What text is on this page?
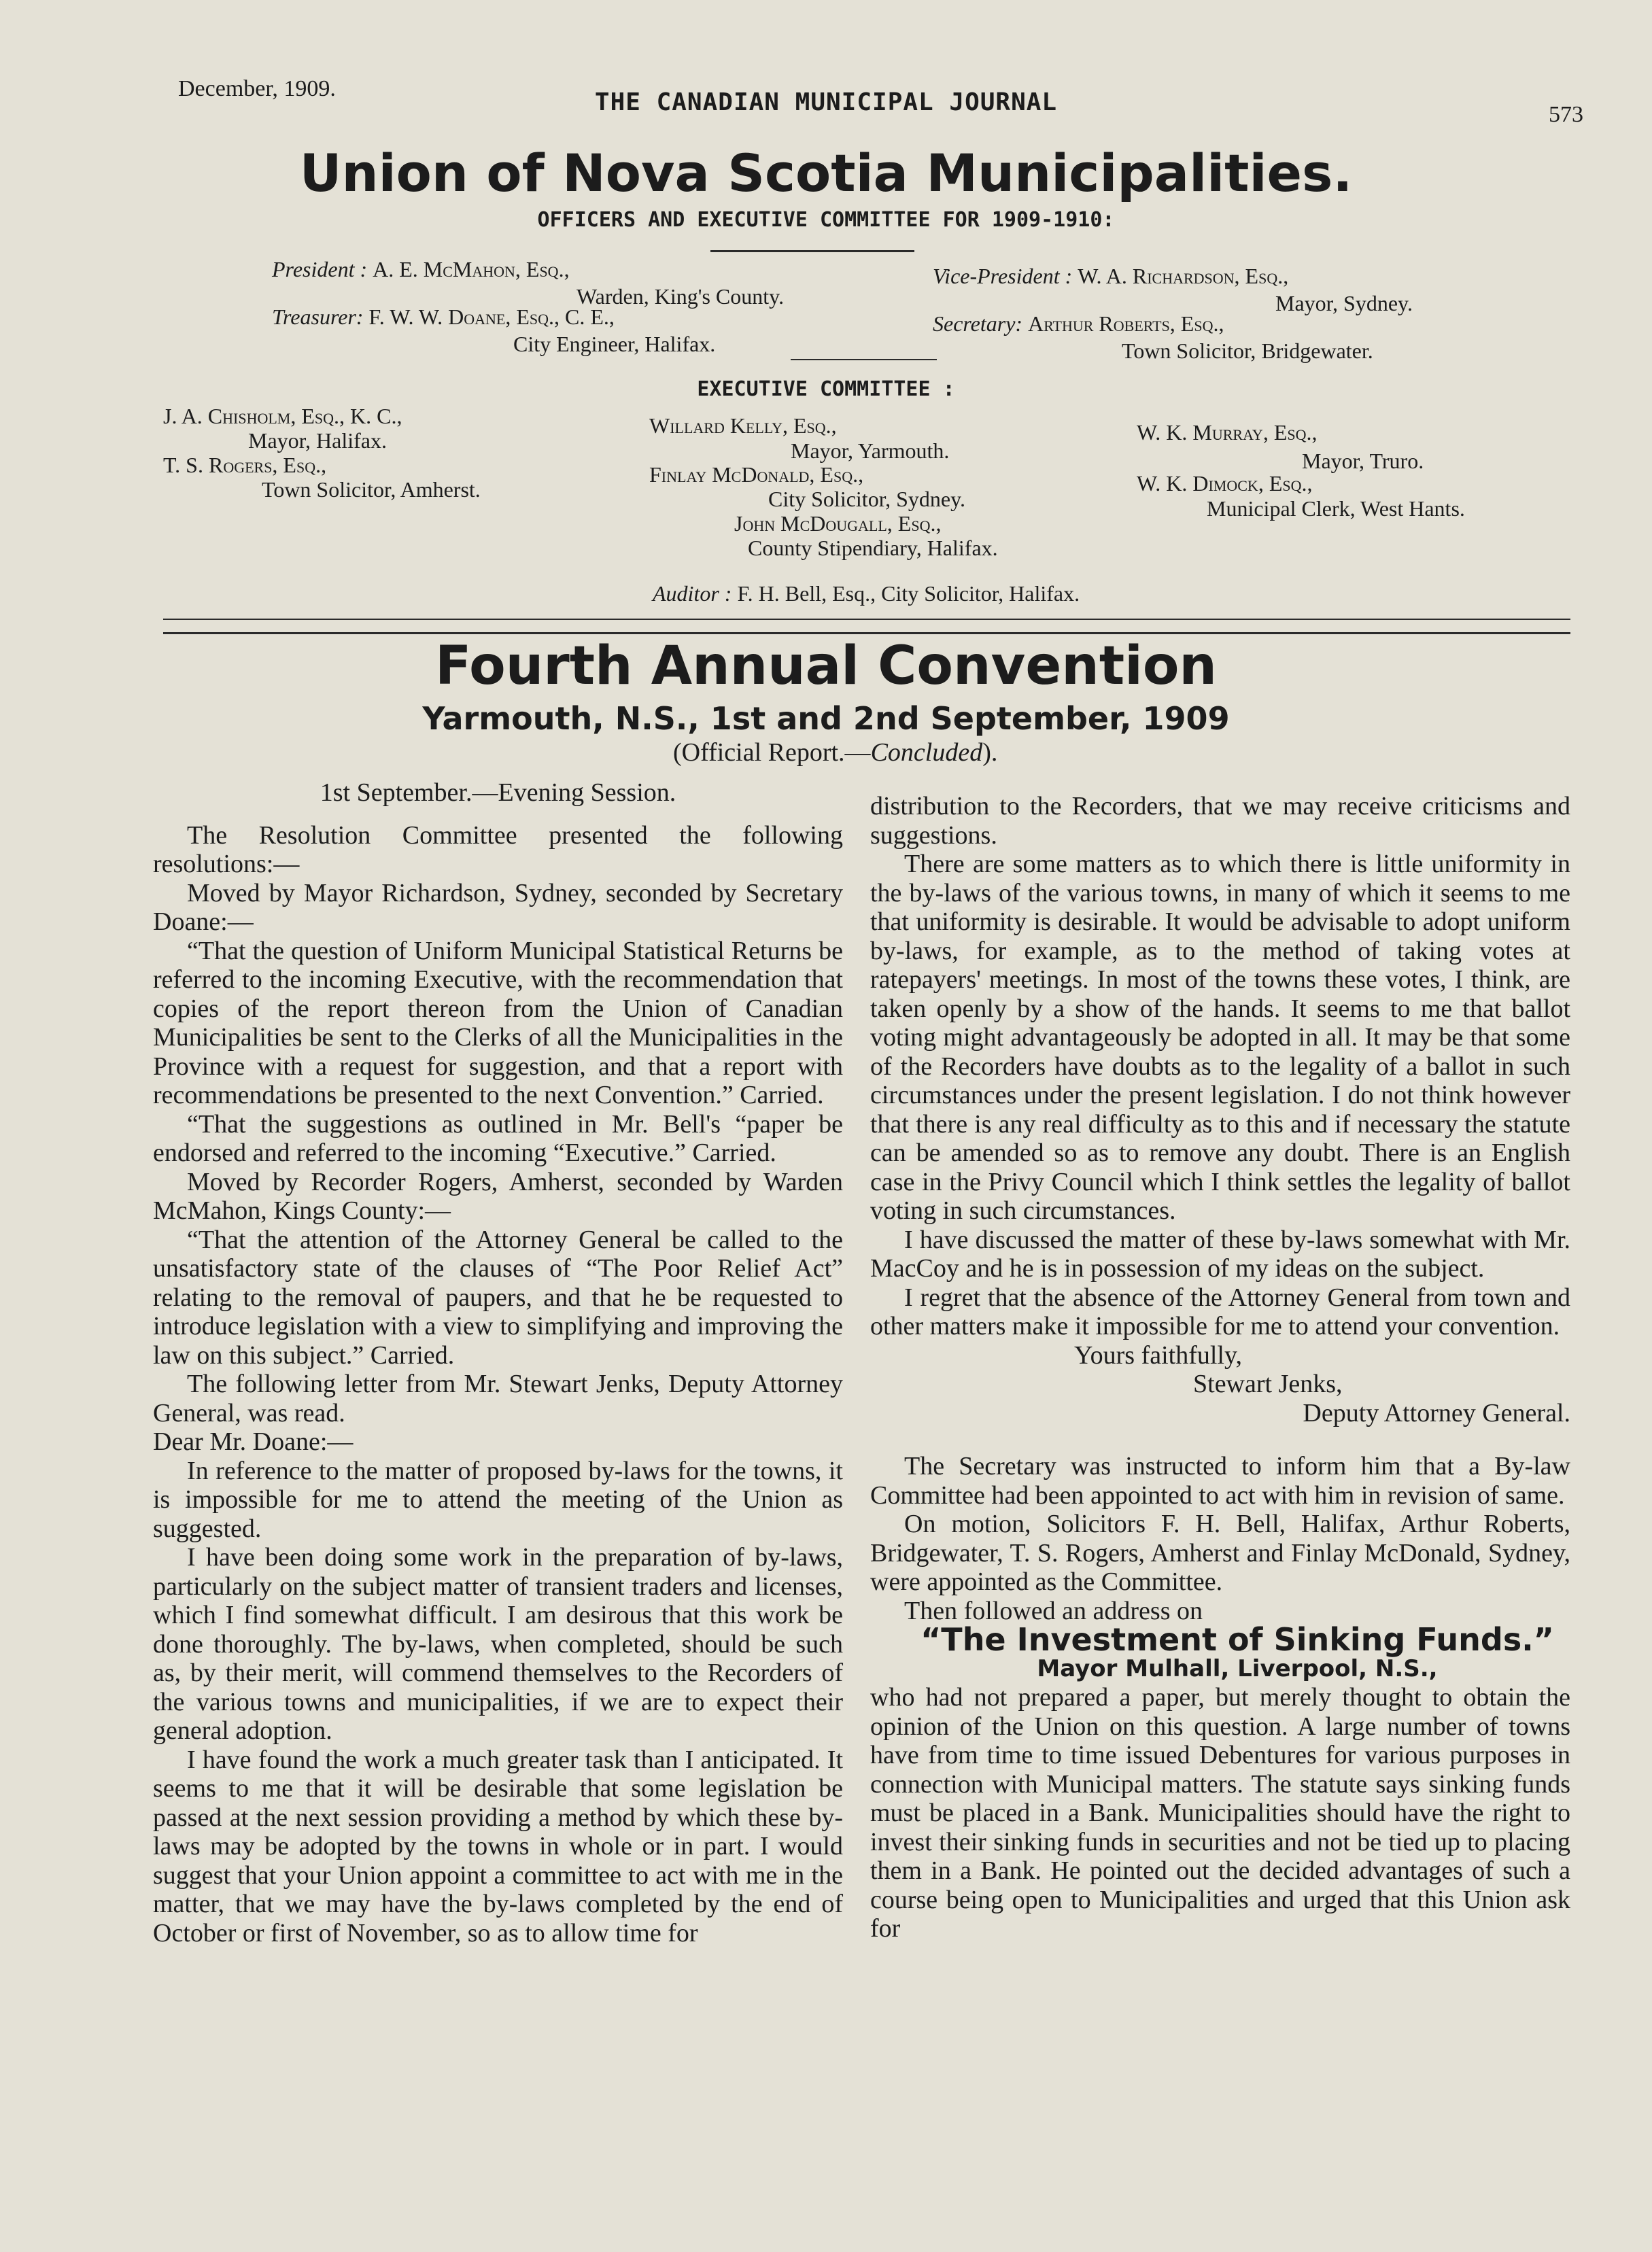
December, 1909.	THE CANADIAN MUNICIPAL JOURNAL	573
Union of Nova Scotia Municipalities.
OFFICERS AND EXECUTIVE COMMITTEE FOR 1909-1910:
President : A. E. McMahon, Esq.,
Warden, King's County.
Treasurer: F. W. W. Doane, Esq., C. E.,
City Engineer, Halifax.
Vice-President : W. A. Richardson, Esq.,
Mayor, Sydney.
Secretary: Arthur Roberts, Esq.,
Town Solicitor, Bridgewater.
EXECUTIVE COMMITTEE :
J. A. Chisholm, Esq., K. C.,
Mayor, Halifax.
T. S. Rogers, Esq.,
Town Solicitor, Amherst.
Willard Kelly, Esq.,
Mayor, Yarmouth.
Finlay McDonald, Esq.,
City Solicitor, Sydney.
John McDougall, Esq.,
County Stipendiary, Halifax.
W. K. Murray, Esq.,
Mayor, Truro.
W. K. Dimock, Esq.,
Municipal Clerk, West Hants.
Auditor : F. H. Bell, Esq., City Solicitor, Halifax.
Fourth Annual Convention
Yarmouth, N.S., 1st and 2nd September, 1909
(Official Report.—Concluded).

1st September.—Evening Session.

The Resolution Committee presented the following resolutions:—

Moved by Mayor Richardson, Sydney, seconded by Secretary Doane:—

“That the question of Uniform Municipal Statistical Returns be referred to the incoming Executive, with the recommendation that copies of the report thereon from the Union of Canadian Municipalities be sent to the Clerks of all the Municipalities in the Province with a request for suggestion, and that a report with recommendations be presented to the next Convention.” Carried.

“That the suggestions as outlined in Mr. Bell's “paper be endorsed and referred to the incoming “Executive.” Carried.

Moved by Recorder Rogers, Amherst, seconded by Warden McMahon, Kings County:—

“That the attention of the Attorney General be called to the unsatisfactory state of the clauses of “The Poor Relief Act” relating to the removal of paupers, and that he be requested to introduce legislation with a view to simplifying and improving the law on this subject.” Carried.

The following letter from Mr. Stewart Jenks, Deputy Attorney General, was read.

Dear Mr. Doane:—

In reference to the matter of proposed by-laws for the towns, it is impossible for me to attend the meeting of the Union as suggested.

I have been doing some work in the preparation of by-laws, particularly on the subject matter of transient traders and licenses, which I find somewhat difficult. I am desirous that this work be done thoroughly. The by-laws, when completed, should be such as, by their merit, will commend themselves to the Recorders of the various towns and municipalities, if we are to expect their general adoption.

I have found the work a much greater task than I anticipated. It seems to me that it will be desirable that some legislation be passed at the next session providing a method by which these by-laws may be adopted by the towns in whole or in part. I would suggest that your Union appoint a committee to act with me in the matter, that we may have the by-laws completed by the end of October or first of November, so as to allow time for

distribution to the Recorders, that we may receive criticisms and suggestions.

There are some matters as to which there is little uniformity in the by-laws of the various towns, in many of which it seems to me that uniformity is desirable. It would be advisable to adopt uniform by-laws, for example, as to the method of taking votes at ratepayers' meetings. In most of the towns these votes, I think, are taken openly by a show of the hands. It seems to me that ballot voting might advantageously be adopted in all. It may be that some of the Recorders have doubts as to the legality of a ballot in such circumstances under the present legislation. I do not think however that there is any real difficulty as to this and if necessary the statute can be amended so as to remove any doubt. There is an English case in the Privy Council which I think settles the legality of ballot voting in such circumstances.

I have discussed the matter of these by-laws somewhat with Mr. MacCoy and he is in possession of my ideas on the subject.

I regret that the absence of the Attorney General from town and other matters make it impossible for me to attend your convention.

Yours faithfully,

Stewart Jenks,

Deputy Attorney General.

The Secretary was instructed to inform him that a By-law Committee had been appointed to act with him in revision of same.

On motion, Solicitors F. H. Bell, Halifax, Arthur Roberts, Bridgewater, T. S. Rogers, Amherst and Finlay McDonald, Sydney, were appointed as the Committee.

Then followed an address on

“The Investment of Sinking Funds.”

Mayor Mulhall, Liverpool, N.S.,

who had not prepared a paper, but merely thought to obtain the opinion of the Union on this question. A large number of towns have from time to time issued Debentures for various purposes in connection with Municipal matters. The statute says sinking funds must be placed in a Bank. Municipalities should have the right to invest their sinking funds in securities and not be tied up to placing them in a Bank. He pointed out the decided advantages of such a course being open to Municipalities and urged that this Union ask for
